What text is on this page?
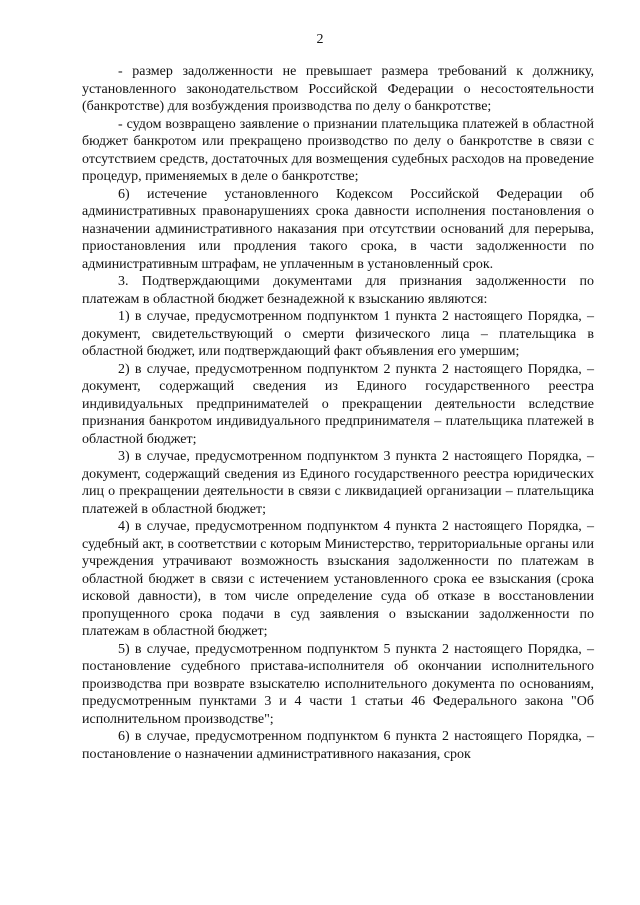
2

- размер задолженности не превышает размера требований к должнику, установленного законодательством Российской Федерации о несостоятельности (банкротстве) для возбуждения производства по делу о банкротстве;

- судом возвращено заявление о признании плательщика платежей в областной бюджет банкротом или прекращено производство по делу о банкротстве в связи с отсутствием средств, достаточных для возмещения судебных расходов на проведение процедур, применяемых в деле о банкротстве;

6) истечение установленного Кодексом Российской Федерации об административных правонарушениях срока давности исполнения постановления о назначении административного наказания при отсутствии оснований для перерыва, приостановления или продления такого срока, в части задолженности по административным штрафам, не уплаченным в установленный срок.

3. Подтверждающими документами для признания задолженности по платежам в областной бюджет безнадежной к взысканию являются:

1) в случае, предусмотренном подпунктом 1 пункта 2 настоящего Порядка, – документ, свидетельствующий о смерти физического лица – плательщика в областной бюджет, или подтверждающий факт объявления его умершим;

2) в случае, предусмотренном подпунктом 2 пункта 2 настоящего Порядка, – документ, содержащий сведения из Единого государственного реестра индивидуальных предпринимателей о прекращении деятельности вследствие признания банкротом индивидуального предпринимателя – плательщика платежей в областной бюджет;

3) в случае, предусмотренном подпунктом 3 пункта 2 настоящего Порядка, – документ, содержащий сведения из Единого государственного реестра юридических лиц о прекращении деятельности в связи с ликвидацией организации – плательщика платежей в областной бюджет;

4) в случае, предусмотренном подпунктом 4 пункта 2 настоящего Порядка, – судебный акт, в соответствии с которым Министерство, территориальные органы или учреждения утрачивают возможность взыскания задолженности по платежам в областной бюджет в связи с истечением установленного срока ее взыскания (срока исковой давности), в том числе определение суда об отказе в восстановлении пропущенного срока подачи в суд заявления о взыскании задолженности по платежам в областной бюджет;

5) в случае, предусмотренном подпунктом 5 пункта 2 настоящего Порядка, – постановление судебного пристава-исполнителя об окончании исполнительного производства при возврате взыскателю исполнительного документа по основаниям, предусмотренным пунктами 3 и 4 части 1 статьи 46 Федерального закона "Об исполнительном производстве";

6) в случае, предусмотренном подпунктом 6 пункта 2 настоящего Порядка, – постановление о назначении административного наказания, срок
